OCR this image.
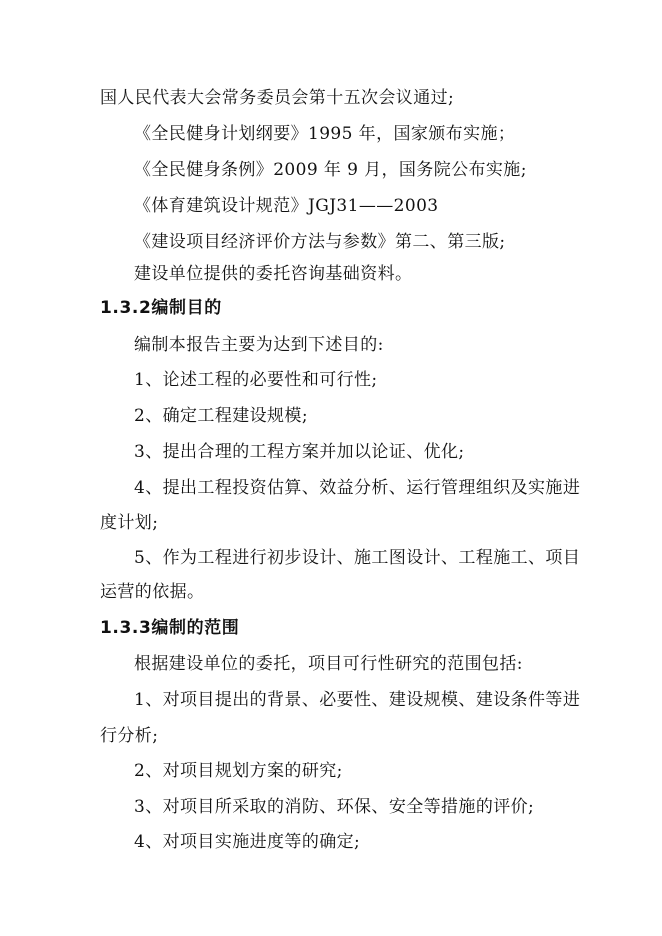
国人民代表大会常务委员会第十五次会议通过;
《全民健身计划纲要》1995 年，国家颁布实施；
《全民健身条例》2009 年 9 月，国务院公布实施;
《体育建筑设计规范》JGJ31——2003
《建设项目经济评价方法与参数》第二、第三版;
建设单位提供的委托咨询基础资料。
1.3.2编制目的
编制本报告主要为达到下述目的:
1、论述工程的必要性和可行性;
2、确定工程建设规模;
3、提出合理的工程方案并加以论证、优化;
4、提出工程投资估算、效益分析、运行管理组织及实施进
度计划;
5、作为工程进行初步设计、施工图设计、工程施工、项目
运营的依据。
1.3.3编制的范围
根据建设单位的委托，项目可行性研究的范围包括:
1、对项目提出的背景、必要性、建设规模、建设条件等进
行分析;
2、对项目规划方案的研究;
3、对项目所采取的消防、环保、安全等措施的评价;
4、对项目实施进度等的确定;
